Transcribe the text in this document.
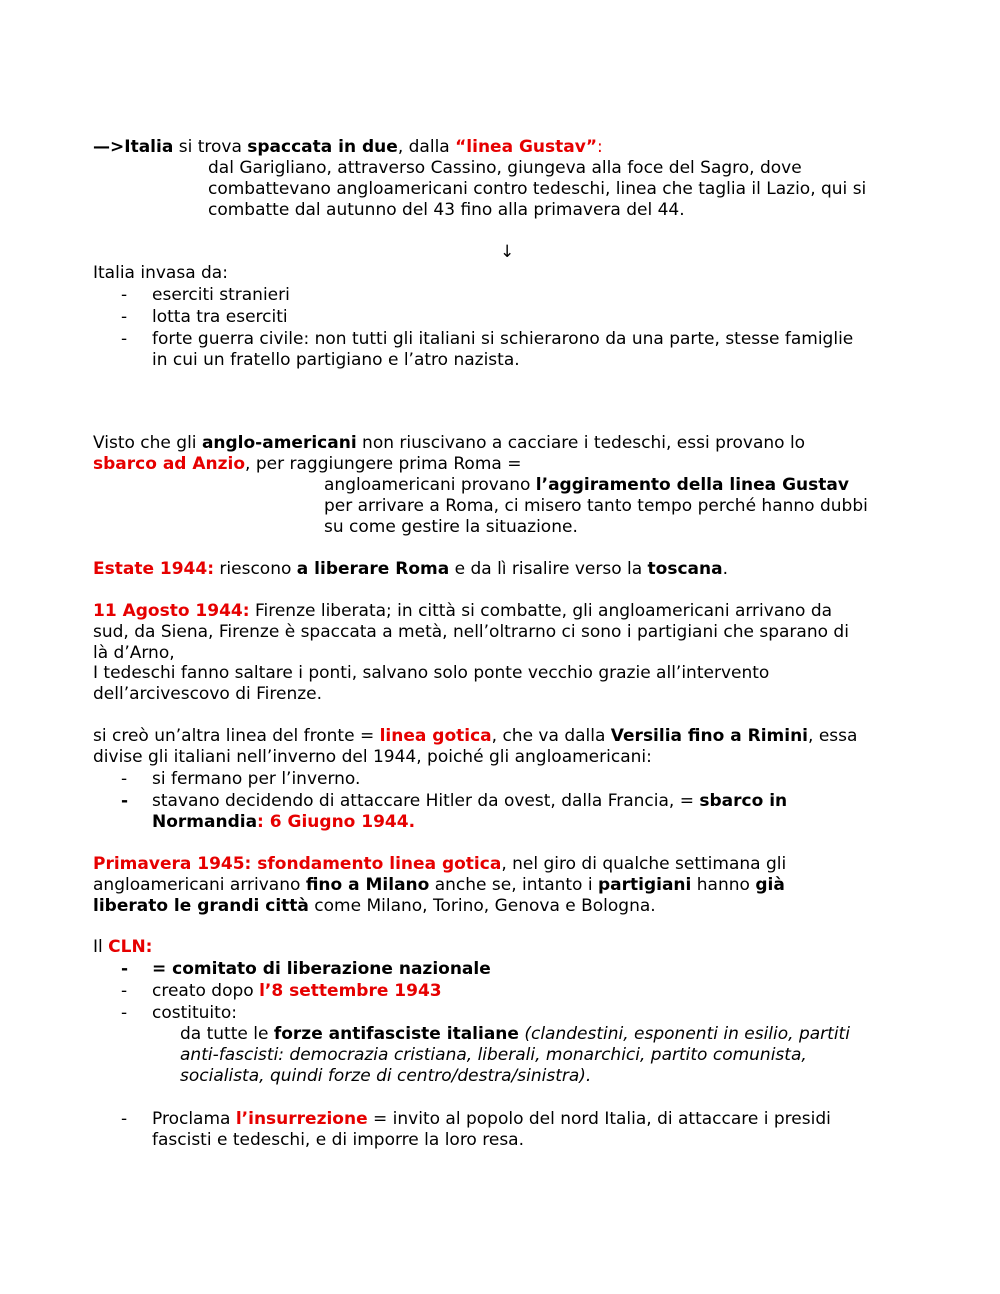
—>Italia si trova spaccata in due, dalla “linea Gustav”:
dal Garigliano, attraverso Cassino, giungeva alla foce del Sagro, dove
combattevano angloamericani contro tedeschi, linea che taglia il Lazio, qui si
combatte dal autunno del 43 fino alla primavera del 44.
↓
Italia invasa da:
- eserciti stranieri
- lotta tra eserciti
- forte guerra civile: non tutti gli italiani si schierarono da una parte, stesse famiglie
in cui un fratello partigiano e l’atro nazista.
Visto che gli anglo-americani non riuscivano a cacciare i tedeschi, essi provano lo
sbarco ad Anzio, per raggiungere prima Roma =
angloamericani provano l’aggiramento della linea Gustav
per arrivare a Roma, ci misero tanto tempo perché hanno dubbi
su come gestire la situazione.
Estate 1944: riescono a liberare Roma e da lì risalire verso la toscana.
11 Agosto 1944: Firenze liberata; in città si combatte, gli angloamericani arrivano da
sud, da Siena, Firenze è spaccata a metà, nell’oltrarno ci sono i partigiani che sparano di
là d’Arno,
I tedeschi fanno saltare i ponti, salvano solo ponte vecchio grazie all’intervento
dell’arcivescovo di Firenze.
si creò un’altra linea del fronte = linea gotica, che va dalla Versilia fino a Rimini, essa
divise gli italiani nell’inverno del 1944, poiché gli angloamericani:
- si fermano per l’inverno.
- stavano decidendo di attaccare Hitler da ovest, dalla Francia, = sbarco in
Normandia: 6 Giugno 1944.
Primavera 1945: sfondamento linea gotica, nel giro di qualche settimana gli
angloamericani arrivano fino a Milano anche se, intanto i partigiani hanno già
liberato le grandi città come Milano, Torino, Genova e Bologna.
Il CLN:
- = comitato di liberazione nazionale
- creato dopo l’8 settembre 1943
- costituito:
da tutte le forze antifasciste italiane (clandestini, esponenti in esilio, partiti
anti-fascisti: democrazia cristiana, liberali, monarchici, partito comunista,
socialista, quindi forze di centro/destra/sinistra).
- Proclama l’insurrezione = invito al popolo del nord Italia, di attaccare i presidi
fascisti e tedeschi, e di imporre la loro resa.
